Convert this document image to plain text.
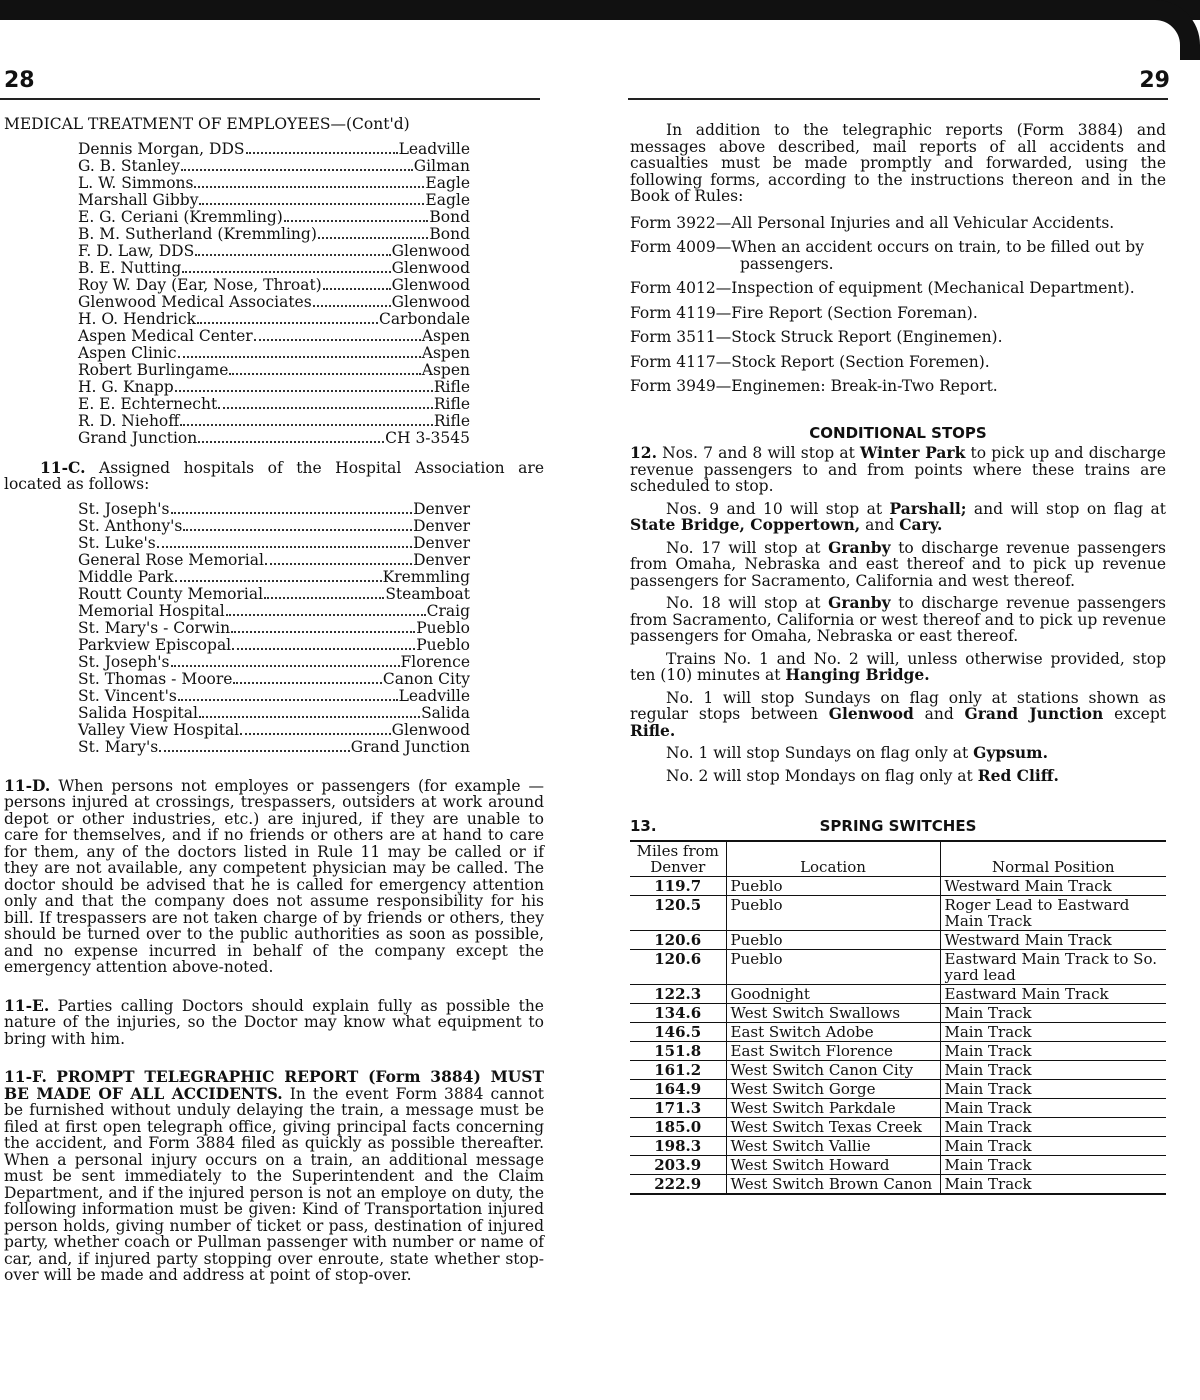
28
MEDICAL TREATMENT OF EMPLOYEES—(Cont'd)
Dennis Morgan, DDS	Leadville
G. B. Stanley	Gilman
L. W. Simmons	Eagle
Marshall Gibby	Eagle
E. G. Ceriani (Kremmling)	Bond
B. M. Sutherland (Kremmling)	Bond
F. D. Law, DDS	Glenwood
B. E. Nutting	Glenwood
Roy W. Day (Ear, Nose, Throat)	Glenwood
Glenwood Medical Associates	Glenwood
H. O. Hendrick	Carbondale
Aspen Medical Center	Aspen
Aspen Clinic	Aspen
Robert Burlingame	Aspen
H. G. Knapp	Rifle
E. E. Echternecht	Rifle
R. D. Niehoff	Rifle
Grand Junction	CH 3-3545

11-C. Assigned hospitals of the Hospital Association are located as follows:

St. Joseph's	Denver
St. Anthony's	Denver
St. Luke's	Denver
General Rose Memorial	Denver
Middle Park	Kremmling
Routt County Memorial	Steamboat
Memorial Hospital	Craig
St. Mary's - Corwin	Pueblo
Parkview Episcopal	Pueblo
St. Joseph's	Florence
St. Thomas - Moore	Canon City
St. Vincent's	Leadville
Salida Hospital	Salida
Valley View Hospital	Glenwood
St. Mary's	Grand Junction

11-D. When persons not employes or passengers (for example —persons injured at crossings, trespassers, outsiders at work around depot or other industries, etc.) are injured, if they are unable to care for themselves, and if no friends or others are at hand to care for them, any of the doctors listed in Rule 11 may be called or if they are not available, any competent physician may be called. The doctor should be advised that he is called for emergency attention only and that the company does not assume responsibility for his bill. If trespassers are not taken charge of by friends or others, they should be turned over to the public authorities as soon as possible, and no expense incurred in behalf of the company except the emergency attention above-noted.

11-E. Parties calling Doctors should explain fully as possible the nature of the injuries, so the Doctor may know what equipment to bring with him.

11-F. PROMPT TELEGRAPHIC REPORT (Form 3884) MUST BE MADE OF ALL ACCIDENTS. In the event Form 3884 cannot be furnished without unduly delaying the train, a message must be filed at first open telegraph office, giving principal facts concerning the accident, and Form 3884 filed as quickly as possible thereafter. When a personal injury occurs on a train, an additional message must be sent immediately to the Superintendent and the Claim Department, and if the injured person is not an employe on duty, the following information must be given: Kind of Transportation injured person holds, giving number of ticket or pass, destination of injured party, whether coach or Pullman passenger with number or name of car, and, if injured party stopping over enroute, state whether stop-over will be made and address at point of stop-over.

29

In addition to the telegraphic reports (Form 3884) and messages above described, mail reports of all accidents and casualties must be made promptly and forwarded, using the following forms, according to the instructions thereon and in the Book of Rules:

Form 3922—All Personal Injuries and all Vehicular Accidents.
Form 4009—When an accident occurs on train, to be filled out by passengers.
Form 4012—Inspection of equipment (Mechanical Department).
Form 4119—Fire Report (Section Foreman).
Form 3511—Stock Struck Report (Enginemen).
Form 4117—Stock Report (Section Foremen).
Form 3949—Enginemen: Break-in-Two Report.
CONDITIONAL STOPS

12. Nos. 7 and 8 will stop at Winter Park to pick up and discharge revenue passengers to and from points where these trains are scheduled to stop.

Nos. 9 and 10 will stop at Parshall; and will stop on flag at State Bridge, Coppertown, and Cary.

No. 17 will stop at Granby to discharge revenue passengers from Omaha, Nebraska and east thereof and to pick up revenue passengers for Sacramento, California and west thereof.

No. 18 will stop at Granby to discharge revenue passengers from Sacramento, California or west thereof and to pick up revenue passengers for Omaha, Nebraska or east thereof.

Trains No. 1 and No. 2 will, unless otherwise provided, stop ten (10) minutes at Hanging Bridge.

No. 1 will stop Sundays on flag only at stations shown as regular stops between Glenwood and Grand Junction except Rifle.

No. 1 will stop Sundays on flag only at Gypsum.

No. 2 will stop Mondays on flag only at Red Cliff.

13.	SPRING SWITCHES
Miles from Denver	Location	Normal Position
119.7	Pueblo	Westward Main Track
120.5	Pueblo	Roger Lead to Eastward Main Track
120.6	Pueblo	Westward Main Track
120.6	Pueblo	Eastward Main Track to So. yard lead
122.3	Goodnight	Eastward Main Track
134.6	West Switch Swallows	Main Track
146.5	East Switch Adobe	Main Track
151.8	East Switch Florence	Main Track
161.2	West Switch Canon City	Main Track
164.9	West Switch Gorge	Main Track
171.3	West Switch Parkdale	Main Track
185.0	West Switch Texas Creek	Main Track
198.3	West Switch Vallie	Main Track
203.9	West Switch Howard	Main Track
222.9	West Switch Brown Canon	Main Track
